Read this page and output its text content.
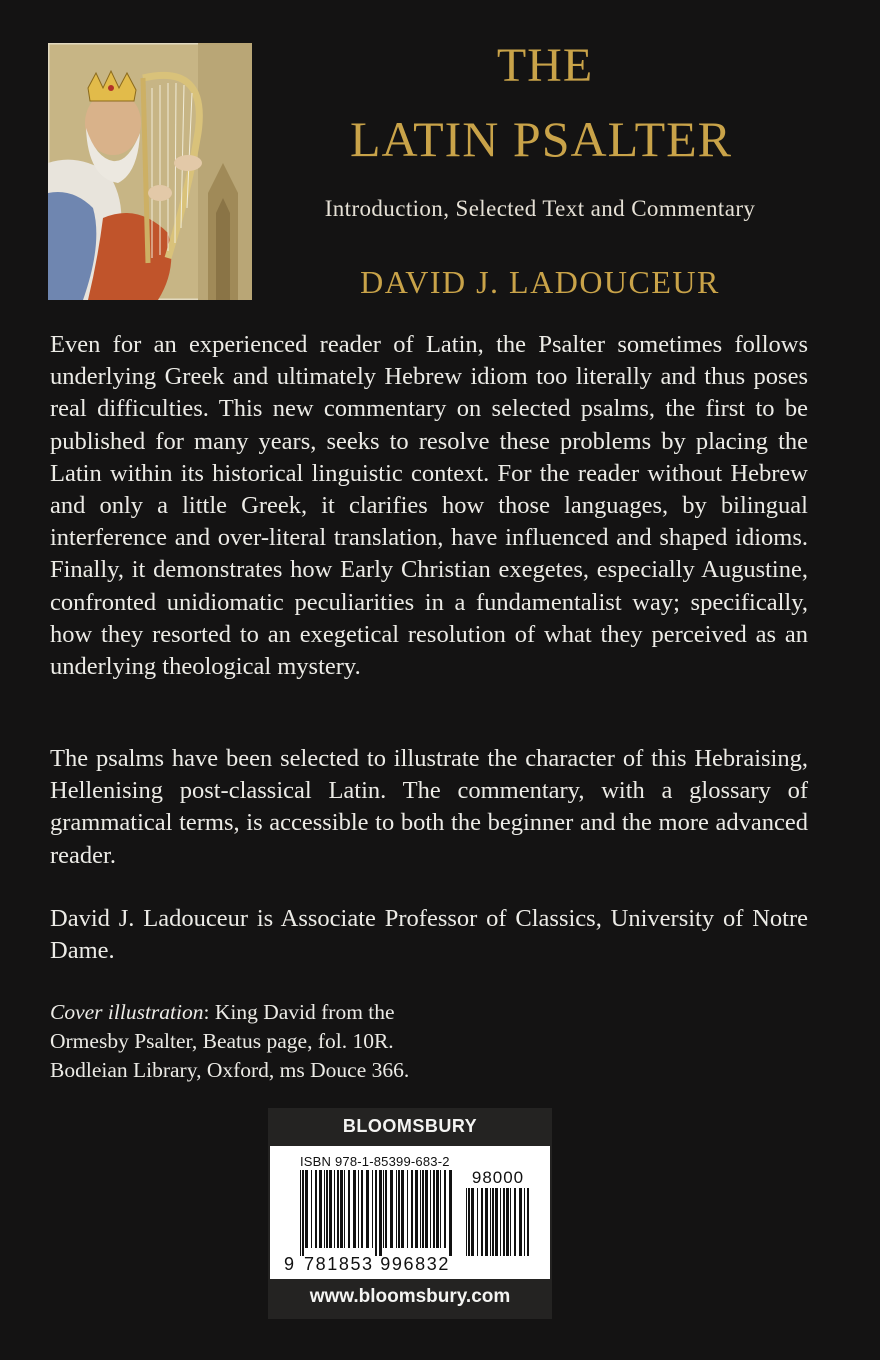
THE
LATIN PSALTER
Introduction, Selected Text and Commentary
DAVID J. LADOUCEUR

Even for an experienced reader of Latin, the Psalter sometimes follows underlying Greek and ultimately Hebrew idiom too literally and thus poses real difficulties. This new commentary on selected psalms, the first to be published for many years, seeks to resolve these problems by placing the Latin within its historical linguistic context. For the reader without Hebrew and only a little Greek, it clarifies how those languages, by bilingual interference and over-literal translation, have influenced and shaped idioms. Finally, it demonstrates how Early Christian exegetes, especially Augustine, confronted unidiomatic peculiarities in a fundamentalist way; specifically, how they resorted to an exegetical resolution of what they perceived as an underlying theological mystery.

The psalms have been selected to illustrate the character of this Hebraising, Hellenising post-classical Latin. The commentary, with a glossary of grammatical terms, is accessible to both the beginner and the more advanced reader.

David J. Ladouceur is Associate Professor of Classics, University of Notre Dame.

Cover illustration: King David from the
Ormesby Psalter, Beatus page, fol. 10R.
Bodleian Library, Oxford, ms Douce 366.

BLOOMSBURY
ISBN 978-1-85399-683-2
98000
9 781853 996832
www.bloomsbury.com
